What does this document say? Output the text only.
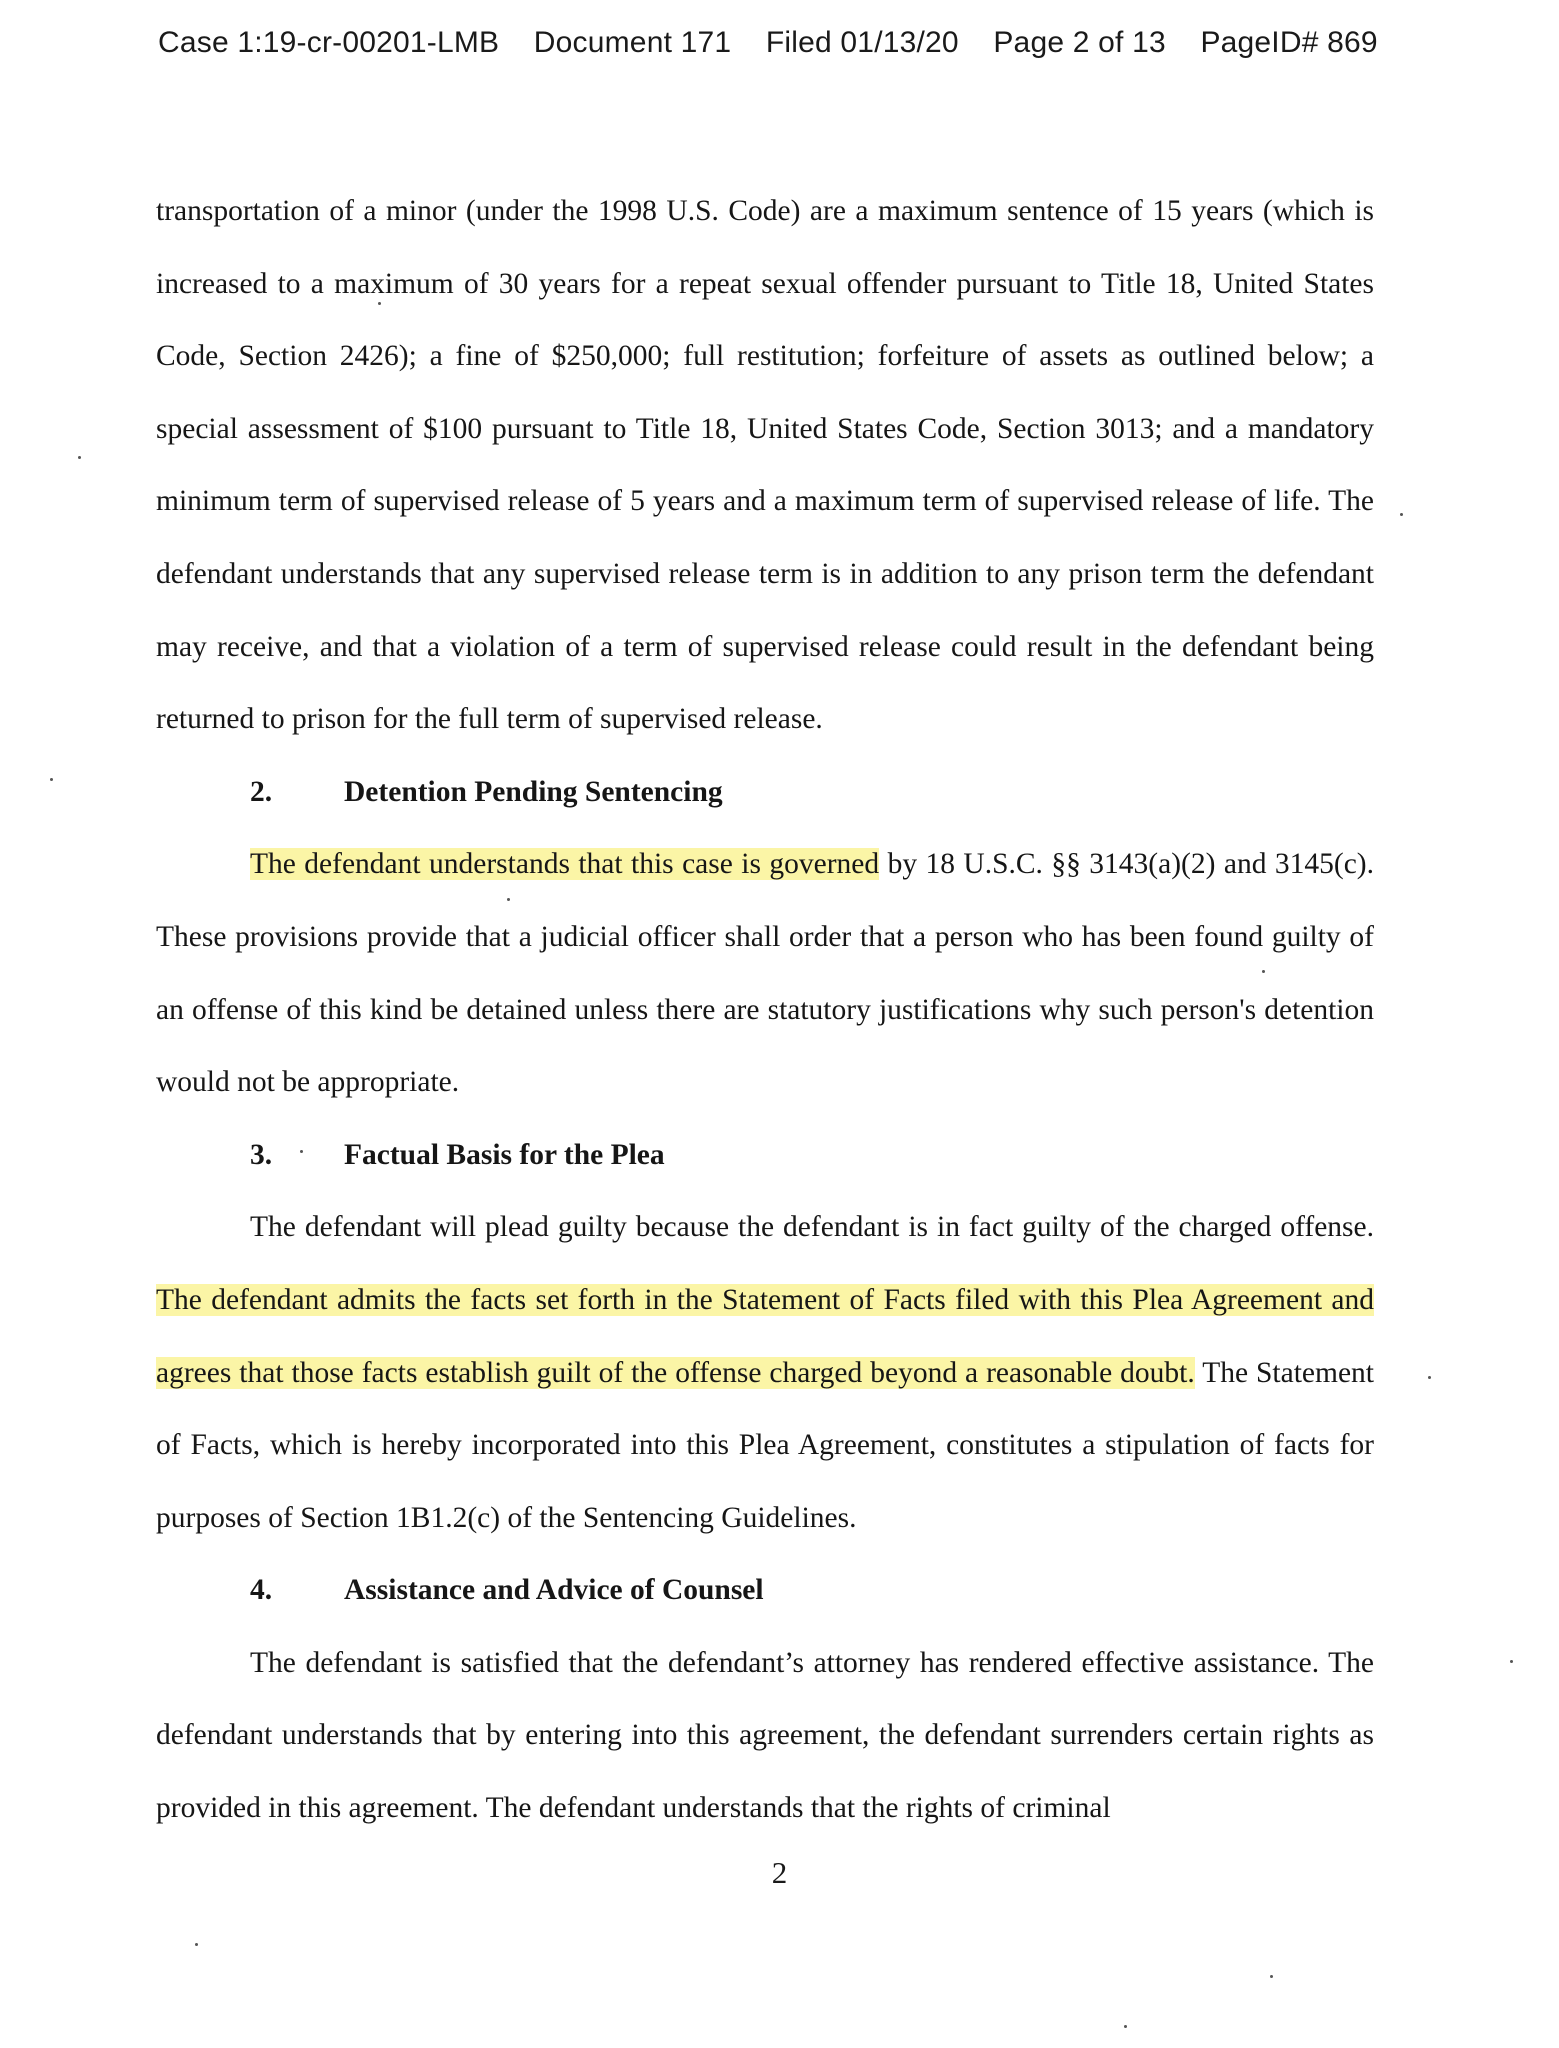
Case 1:19-cr-00201-LMB Document 171 Filed 01/13/20 Page 2 of 13 PageID# 869

transportation of a minor (under the 1998 U.S. Code) are a maximum sentence of 15 years (which is increased to a maximum of 30 years for a repeat sexual offender pursuant to Title 18, United States Code, Section 2426); a fine of $250,000; full restitution; forfeiture of assets as outlined below; a special assessment of $100 pursuant to Title 18, United States Code, Section 3013; and a mandatory minimum term of supervised release of 5 years and a maximum term of supervised release of life. The defendant understands that any supervised release term is in addition to any prison term the defendant may receive, and that a violation of a term of supervised release could result in the defendant being returned to prison for the full term of supervised release.

2. Detention Pending Sentencing

The defendant understands that this case is governed by 18 U.S.C. §§ 3143(a)(2) and 3145(c). These provisions provide that a judicial officer shall order that a person who has been found guilty of an offense of this kind be detained unless there are statutory justifications why such person's detention would not be appropriate.

3. Factual Basis for the Plea

The defendant will plead guilty because the defendant is in fact guilty of the charged offense. The defendant admits the facts set forth in the Statement of Facts filed with this Plea Agreement and agrees that those facts establish guilt of the offense charged beyond a reasonable doubt. The Statement of Facts, which is hereby incorporated into this Plea Agreement, constitutes a stipulation of facts for purposes of Section 1B1.2(c) of the Sentencing Guidelines.

4. Assistance and Advice of Counsel

The defendant is satisfied that the defendant’s attorney has rendered effective assistance. The defendant understands that by entering into this agreement, the defendant surrenders certain rights as provided in this agreement. The defendant understands that the rights of criminal

2
